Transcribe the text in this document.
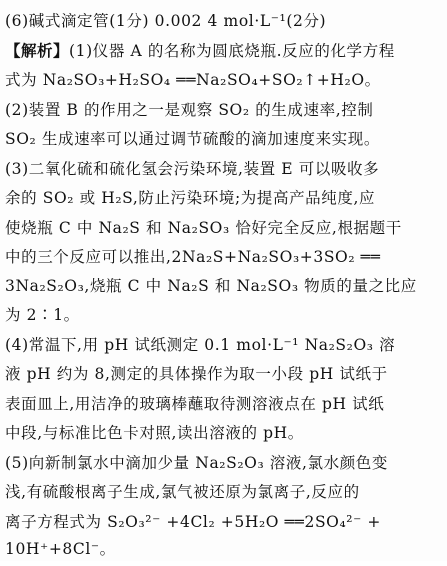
(6)碱式滴定管(1分) 0.002 4 mol·L⁻¹(2分)
【解析】(1)仪器 A 的名称为圆底烧瓶.反应的化学方程
式为 Na₂SO₃+H₂SO₄ ══Na₂SO₄+SO₂↑+H₂O。
(2)装置 B 的作用之一是观察 SO₂ 的生成速率,控制
SO₂ 生成速率可以通过调节硫酸的滴加速度来实现。
(3)二氧化硫和硫化氢会污染环境,装置 E 可以吸收多
余的 SO₂ 或 H₂S,防止污染环境;为提高产品纯度,应
使烧瓶 C 中 Na₂S 和 Na₂SO₃ 恰好完全反应,根据题干
中的三个反应可以推出,2Na₂S+Na₂SO₃+3SO₂ ══
3Na₂S₂O₃,烧瓶 C 中 Na₂S 和 Na₂SO₃ 物质的量之比应
为 2∶1。
(4)常温下,用 pH 试纸测定 0.1 mol·L⁻¹ Na₂S₂O₃ 溶
液 pH 约为 8,测定的具体操作为取一小段 pH 试纸于
表面皿上,用洁净的玻璃棒蘸取待测溶液点在 pH 试纸
中段,与标准比色卡对照,读出溶液的 pH。
(5)向新制氯水中滴加少量 Na₂S₂O₃ 溶液,氯水颜色变
浅,有硫酸根离子生成,氯气被还原为氯离子,反应的
离子方程式为 S₂O₃²⁻ +4Cl₂ +5H₂O ══2SO₄²⁻ +
10H⁺+8Cl⁻。
